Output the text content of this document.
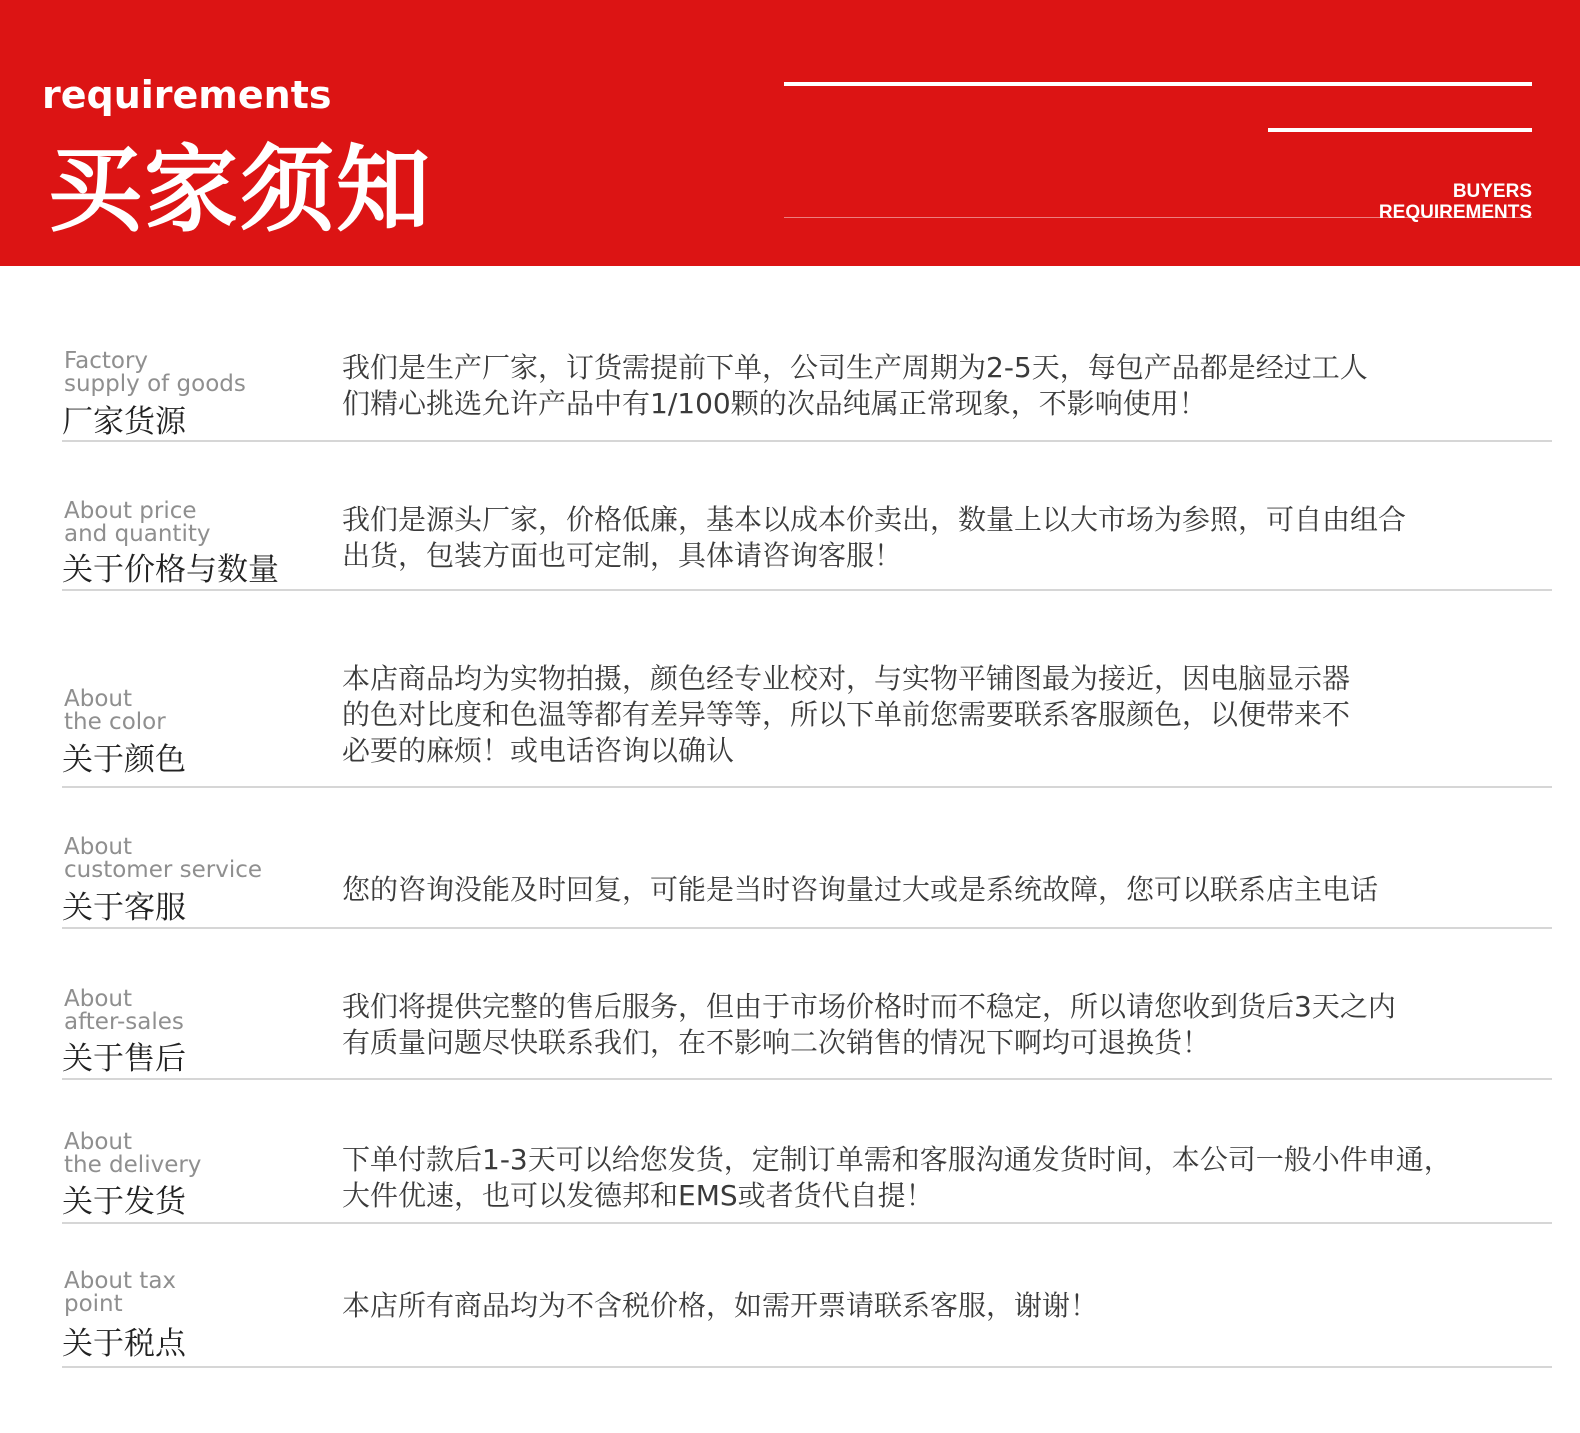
requirements
买家须知	BUYERS
REQUIREMENTS
Factory
supply of goods
厂家货源
我们是生产厂家，订货需提前下单，公司生产周期为2-5天，每包产品都是经过工人
们精心挑选允许产品中有1/100颗的次品纯属正常现象，不影响使用！
About price
and quantity
关于价格与数量
我们是源头厂家，价格低廉，基本以成本价卖出，数量上以大市场为参照，可自由组合
出货，包装方面也可定制，具体请咨询客服！
About
the color
关于颜色
本店商品均为实物拍摄，颜色经专业校对，与实物平铺图最为接近，因电脑显示器
的色对比度和色温等都有差异等等，所以下单前您需要联系客服颜色，以便带来不
必要的麻烦！或电话咨询以确认
About
customer service
关于客服
您的咨询没能及时回复，可能是当时咨询量过大或是系统故障，您可以联系店主电话
About
after-sales
关于售后
我们将提供完整的售后服务，但由于市场价格时而不稳定，所以请您收到货后3天之内
有质量问题尽快联系我们，在不影响二次销售的情况下啊均可退换货！
About
the delivery
关于发货
下单付款后1-3天可以给您发货，定制订单需和客服沟通发货时间，本公司一般小件申通，
大件优速，也可以发德邦和EMS或者货代自提！
About tax
point
关于税点
本店所有商品均为不含税价格，如需开票请联系客服，谢谢！
